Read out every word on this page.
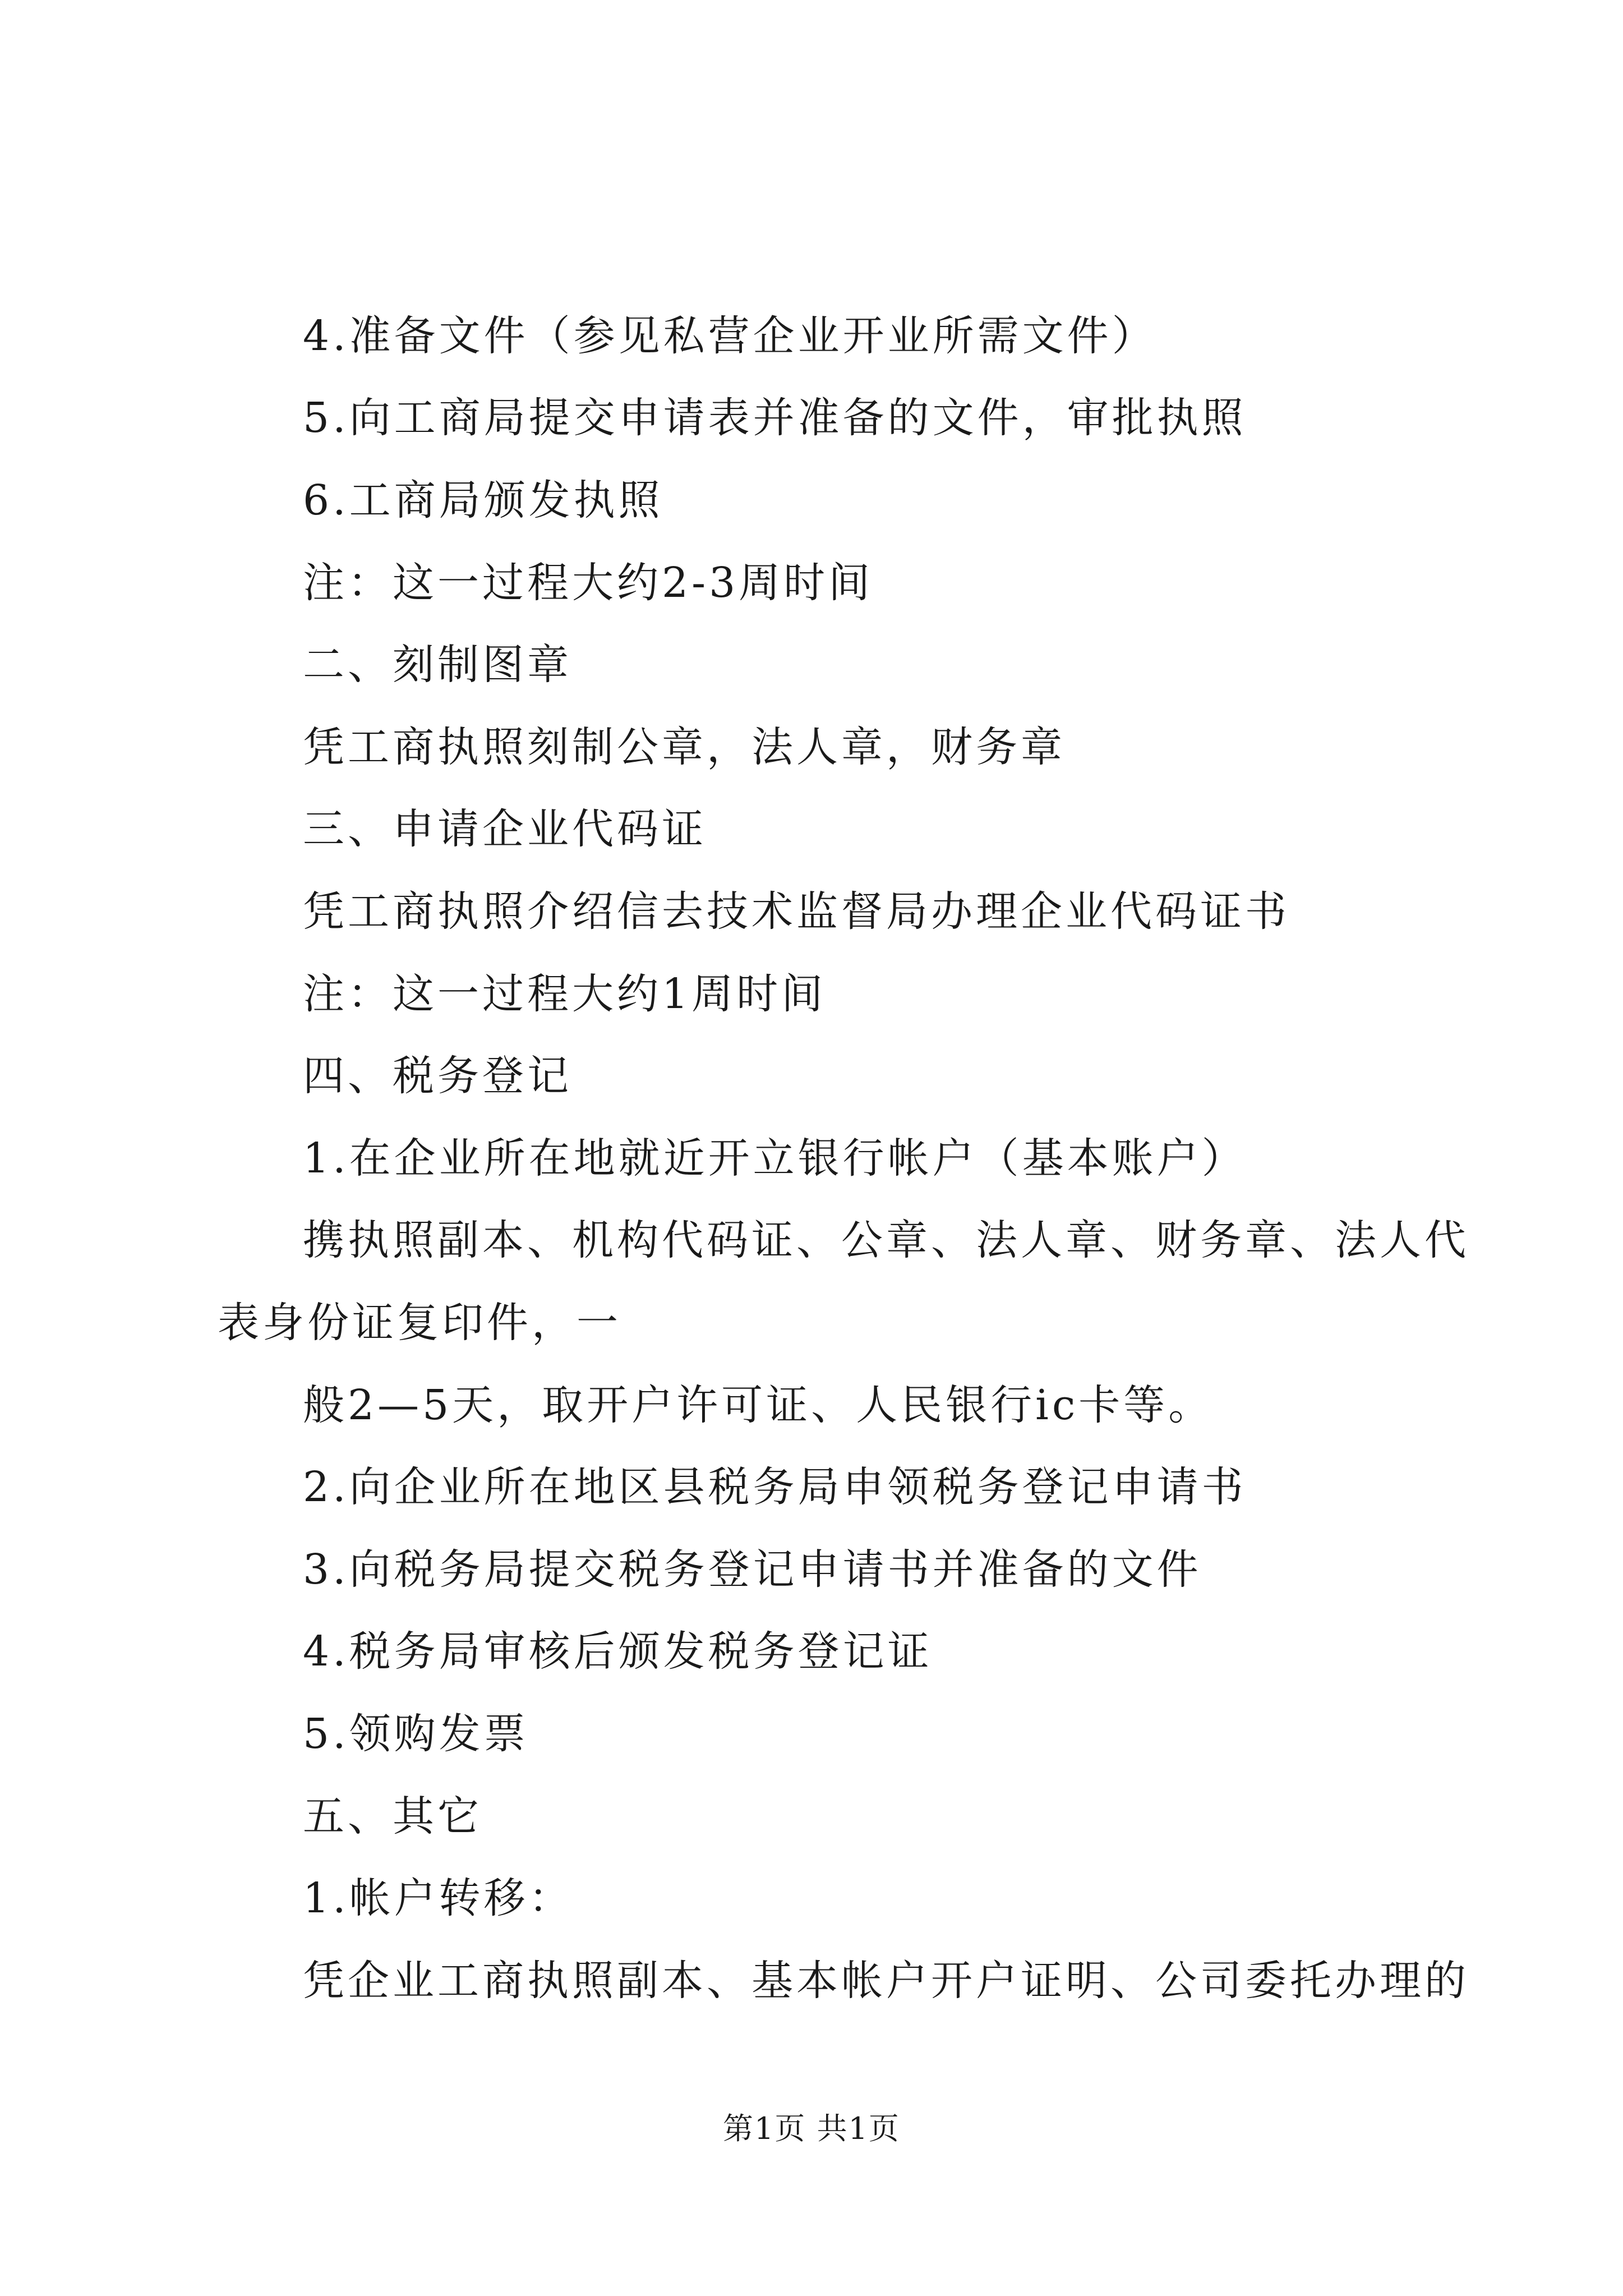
4.准备文件（参见私营企业开业所需文件）
5.向工商局提交申请表并准备的文件，审批执照
6.工商局颁发执照
注：这一过程大约2-3周时间
二、刻制图章
凭工商执照刻制公章，法人章，财务章
三、申请企业代码证
凭工商执照介绍信去技术监督局办理企业代码证书
注：这一过程大约1周时间
四、税务登记
1.在企业所在地就近开立银行帐户（基本账户）
携执照副本、机构代码证、公章、法人章、财务章、法人代
表身份证复印件，一
般2—5天，取开户许可证、人民银行ic卡等。
2.向企业所在地区县税务局申领税务登记申请书
3.向税务局提交税务登记申请书并准备的文件
4.税务局审核后颁发税务登记证
5.领购发票
五、其它
1.帐户转移：
凭企业工商执照副本、基本帐户开户证明、公司委托办理的
第1页 共1页
